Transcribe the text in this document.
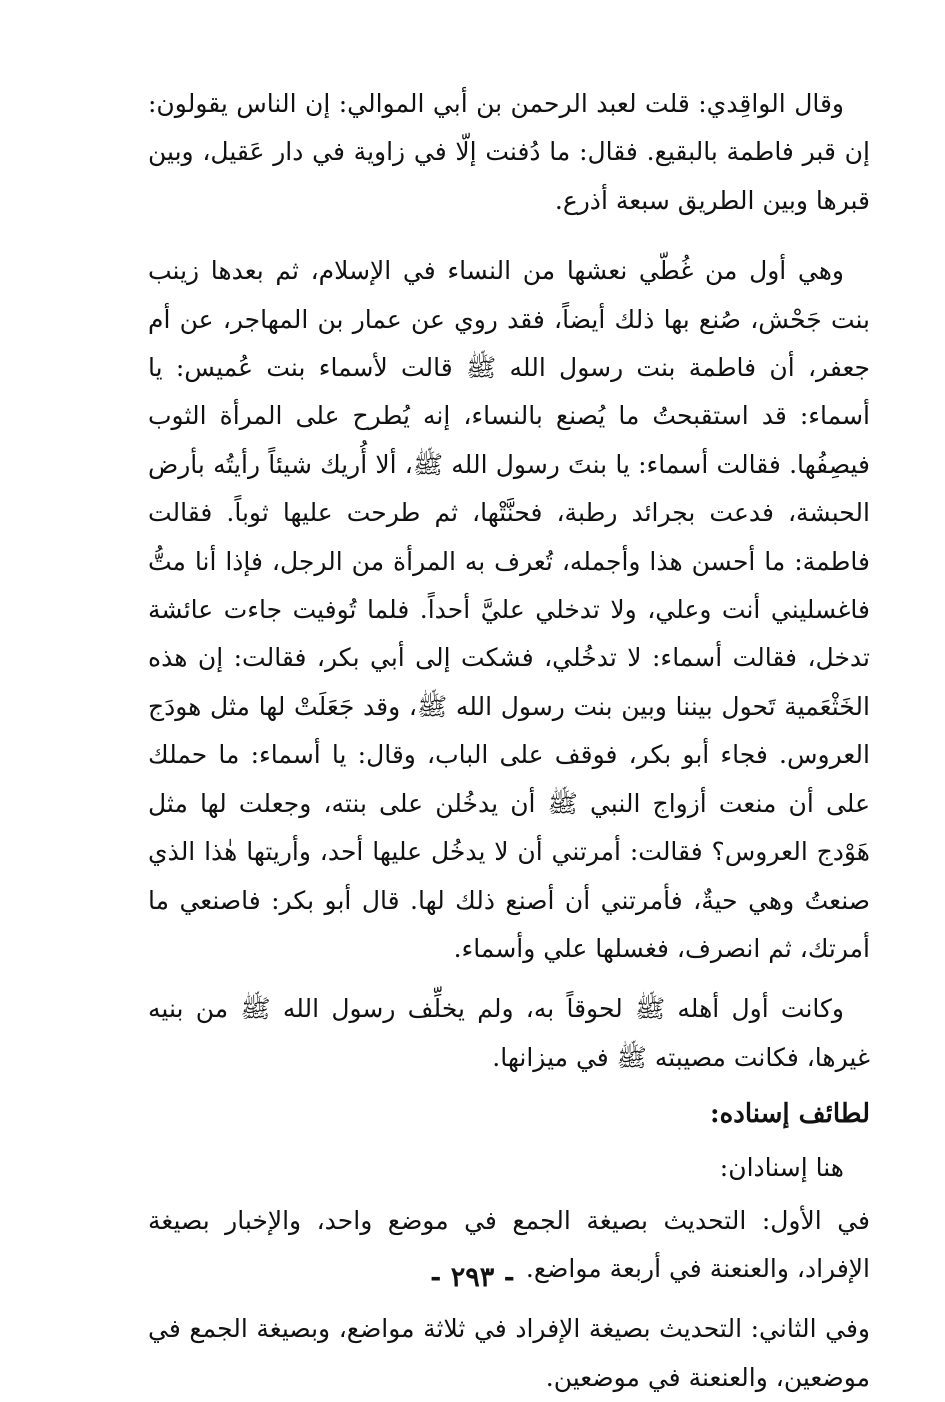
وقال الواقِدي: قلت لعبد الرحمن بن أبي الموالي: إن الناس يقولون: إن قبر فاطمة بالبقيع. فقال: ما دُفنت إلّا في زاوية في دار عَقيل، وبين قبرها وبين الطريق سبعة أذرع.

وهي أول من غُطّي نعشها من النساء في الإسلام، ثم بعدها زينب بنت جَحْش، صُنع بها ذلك أيضاً، فقد روي عن عمار بن المهاجر، عن أم جعفر، أن فاطمة بنت رسول الله ﷺ قالت لأسماء بنت عُميس: يا أسماء: قد استقبحتُ ما يُصنع بالنساء، إنه يُطرح على المرأة الثوب فيصِفُها. فقالت أسماء: يا بنتَ رسول الله ﷺ، ألا أُريك شيئاً رأيتُه بأرض الحبشة، فدعت بجرائد رطبة، فحنَّتْها، ثم طرحت عليها ثوباً. فقالت فاطمة: ما أحسن هذا وأجمله، تُعرف به المرأة من الرجل، فإذا أنا متُّ فاغسليني أنت وعلي، ولا تدخلي عليَّ أحداً. فلما تُوفيت جاءت عائشة تدخل، فقالت أسماء: لا تدخُلي، فشكت إلى أبي بكر، فقالت: إن هذه الخَثْعَمية تَحول بيننا وبين بنت رسول الله ﷺ، وقد جَعَلَتْ لها مثل هودَج العروس. فجاء أبو بكر، فوقف على الباب، وقال: يا أسماء: ما حملك على أن منعت أزواج النبي ﷺ أن يدخُلن على بنته، وجعلت لها مثل هَوْدج العروس؟ فقالت: أمرتني أن لا يدخُل عليها أحد، وأريتها هٰذا الذي صنعتُ وهي حيةٌ، فأمرتني أن أصنع ذلك لها. قال أبو بكر: فاصنعي ما أمرتك، ثم انصرف، فغسلها علي وأسماء.

وكانت أول أهله ﷺ لحوقاً به، ولم يخلِّف رسول الله ﷺ من بنيه غيرها، فكانت مصيبته ﷺ في ميزانها.

لطائف إسناده:

هنا إسنادان:

في الأول: التحديث بصيغة الجمع في موضع واحد، والإخبار بصيغة الإفراد، والعنعنة في أربعة مواضع.

وفي الثاني: التحديث بصيغة الإفراد في ثلاثة مواضع، وبصيغة الجمع في موضعين، والعنعنة في موضعين.

- ٢٩٣ -
